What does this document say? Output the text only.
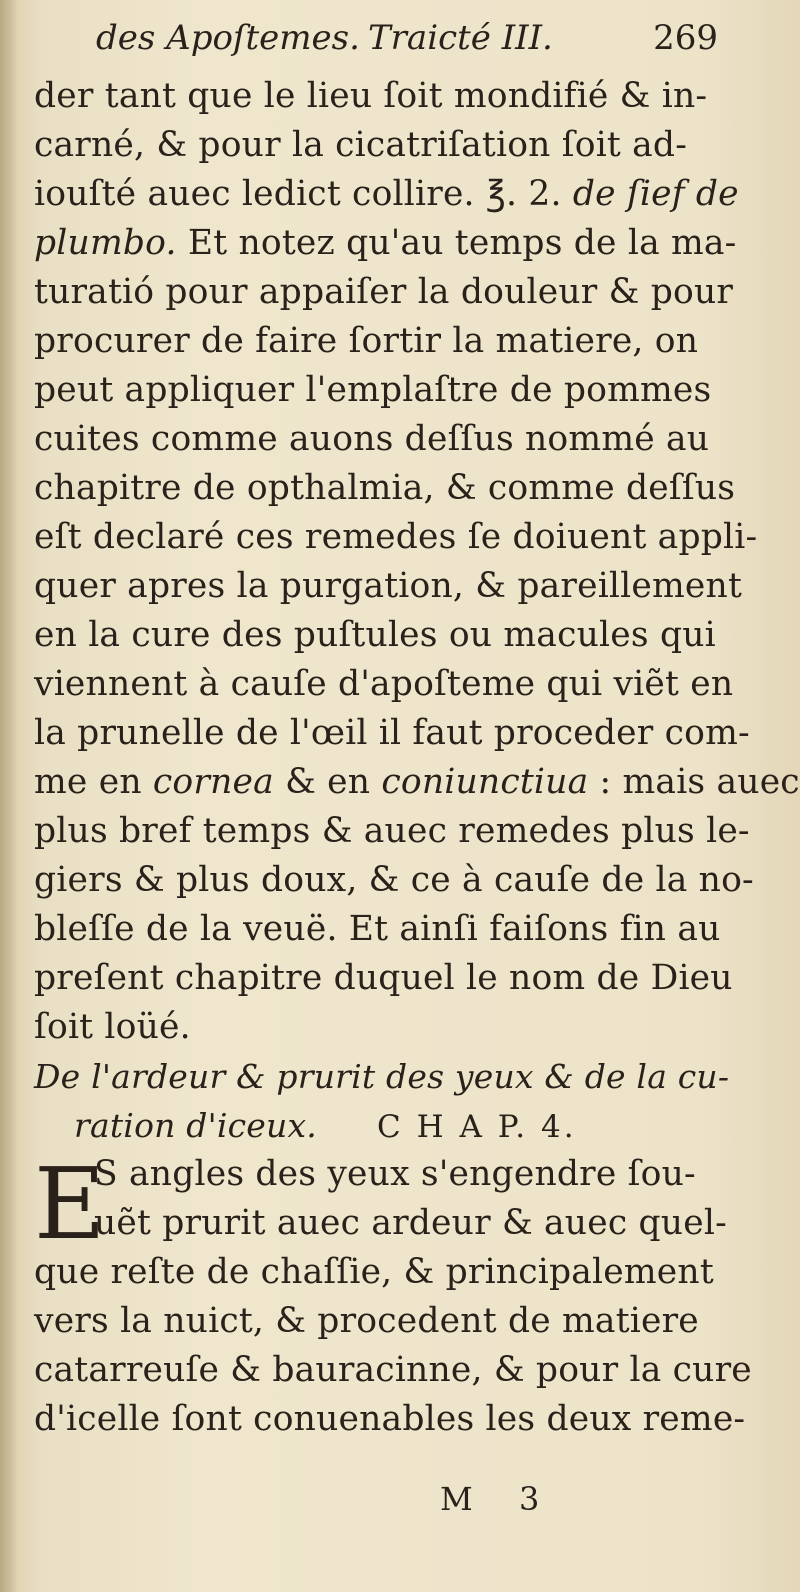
des Apoſtemes. Traicté III.	269
der tant que le lieu ſoit mondifié & in-
carné, & pour la cicatriſation ſoit ad-
iouſté auec ledict collire. ℥. 2. de ſief de
plumbo. Et notez qu'au temps de la ma-
turatió pour appaiſer la douleur & pour
procurer de faire ſortir la matiere, on
peut appliquer l'emplaſtre de pommes
cuites comme auons deſſus nommé au
chapitre de opthalmia, & comme deſſus
eſt declaré ces remedes ſe doiuent appli-
quer apres la purgation, & pareillement
en la cure des puſtules ou macules qui
viennent à cauſe d'apoſteme qui viẽt en
la prunelle de l'œil il faut proceder com-
me en cornea & en coniunctiua : mais auec
plus bref temps & auec remedes plus le-
giers & plus doux, & ce à cauſe de la no-
bleſſe de la veuë. Et ainſi faiſons fin au
preſent chapitre duquel le nom de Dieu
ſoit loüé.
De l'ardeur & prurit des yeux & de la cu-
ration d'iceux. C H A P. 4.
E
S angles des yeux s'engendre ſou-
uẽt prurit auec ardeur & auec quel-
que reſte de chaſſie, & principalement
vers la nuict, & procedent de matiere
catarreuſe & bauracinne, & pour la cure
d'icelle ſont conuenables les deux reme-
M 3
